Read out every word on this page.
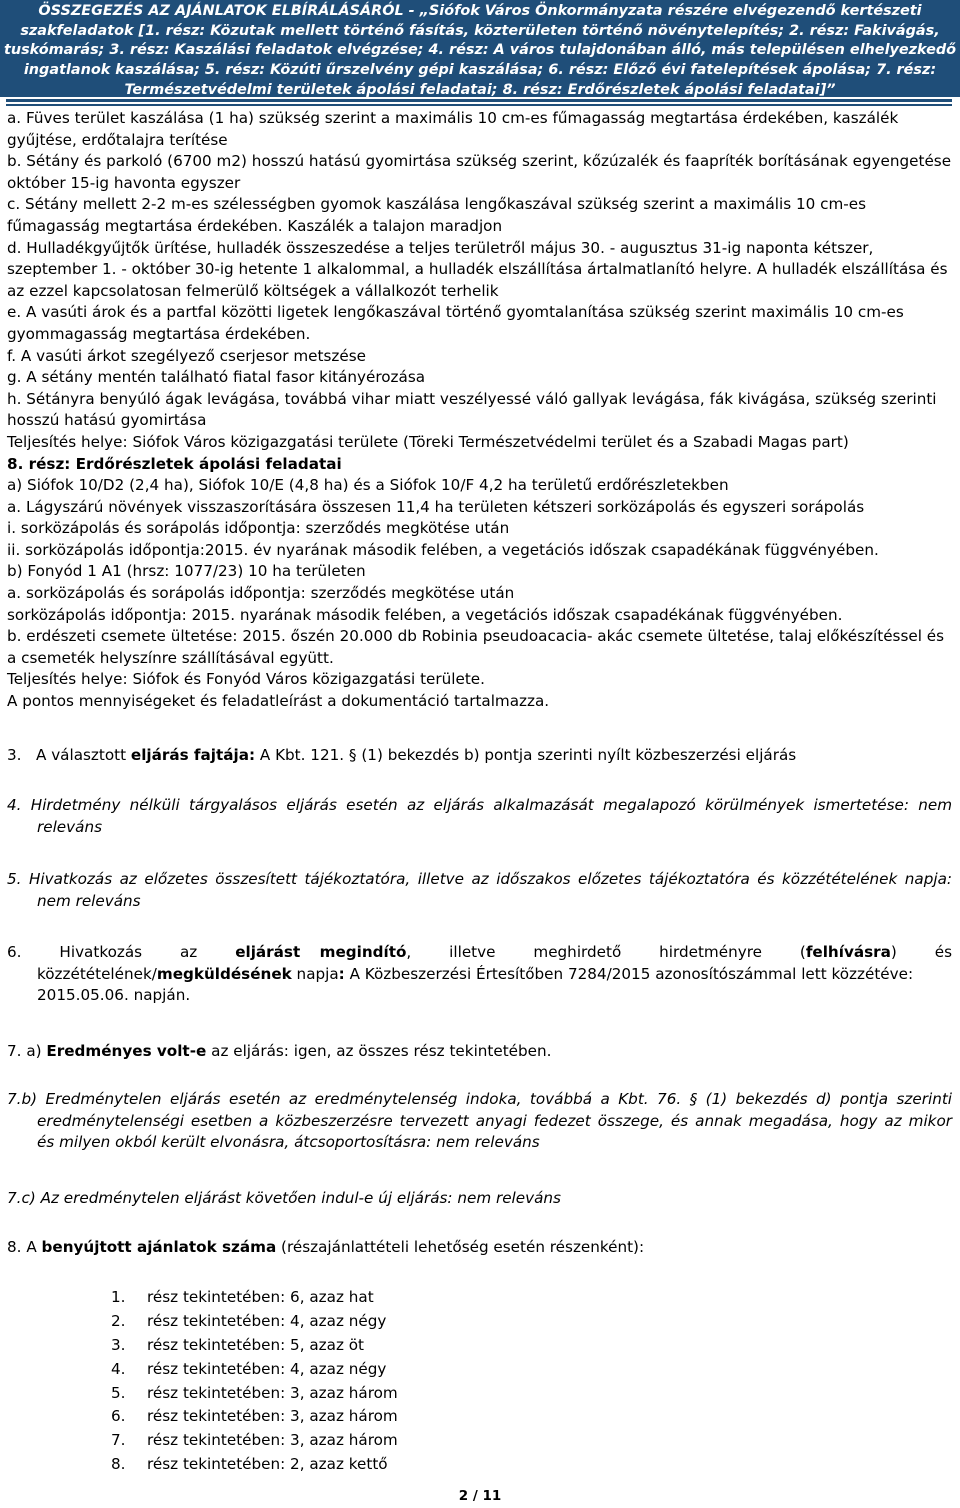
ÖSSZEGEZÉS AZ AJÁNLATOK ELBÍRÁLÁSÁRÓL - „Siófok Város Önkormányzata részére elvégezendő kertészeti
szakfeladatok [1. rész: Közutak mellett történő fásítás, közterületen történő növénytelepítés; 2. rész: Fakivágás,
tuskómarás; 3. rész: Kaszálási feladatok elvégzése; 4. rész: A város tulajdonában álló, más településen elhelyezkedő
ingatlanok kaszálása; 5. rész: Közúti űrszelvény gépi kaszálása; 6. rész: Előző évi fatelepítések ápolása; 7. rész:
Természetvédelmi területek ápolási feladatai; 8. rész: Erdőrészletek ápolási feladatai]”

a. Füves terület kaszálása (1 ha) szükség szerint a maximális 10 cm-es fűmagasság megtartása érdekében, kaszálék gyűjtése, erdőtalajra terítése

b. Sétány és parkoló (6700 m2) hosszú hatású gyomirtása szükség szerint, kőzúzalék és faapríték borításának egyengetése október 15-ig havonta egyszer

c. Sétány mellett 2-2 m-es szélességben gyomok kaszálása lengőkaszával szükség szerint a maximális 10 cm-es fűmagasság megtartása érdekében. Kaszálék a talajon maradjon

d. Hulladékgyűjtők ürítése, hulladék összeszedése a teljes területről május 30. - augusztus 31-ig naponta kétszer, szeptember 1. - október 30-ig hetente 1 alkalommal, a hulladék elszállítása ártalmatlanító helyre. A hulladék elszállítása és az ezzel kapcsolatosan felmerülő költségek a vállalkozót terhelik

e. A vasúti árok és a partfal közötti ligetek lengőkaszával történő gyomtalanítása szükség szerint maximális 10 cm-es gyommagasság megtartása érdekében.

f. A vasúti árkot szegélyező cserjesor metszése

g. A sétány mentén található fiatal fasor kitányérozása

h. Sétányra benyúló ágak levágása, továbbá vihar miatt veszélyessé váló gallyak levágása, fák kivágása, szükség szerinti hosszú hatású gyomirtása

Teljesítés helye: Siófok Város közigazgatási területe (Töreki Természetvédelmi terület és a Szabadi Magas part)

8. rész: Erdőrészletek ápolási feladatai

a) Siófok 10/D2 (2,4 ha), Siófok 10/E (4,8 ha) és a Siófok 10/F 4,2 ha területű erdőrészletekben

a. Lágyszárú növények visszaszorítására összesen 11,4 ha területen kétszeri sorközápolás és egyszeri sorápolás

i. sorközápolás és sorápolás időpontja: szerződés megkötése után

ii. sorközápolás időpontja:2015. év nyarának második felében, a vegetációs időszak csapadékának függvényében.

b) Fonyód 1 A1 (hrsz: 1077/23) 10 ha területen

a. sorközápolás és sorápolás időpontja: szerződés megkötése után

sorközápolás időpontja: 2015. nyarának második felében, a vegetációs időszak csapadékának függvényében.

b. erdészeti csemete ültetése: 2015. őszén 20.000 db Robinia pseudoacacia- akác csemete ültetése, talaj előkészítéssel és a csemeték helyszínre szállításával együtt.

Teljesítés helye: Siófok és Fonyód Város közigazgatási területe.

A pontos mennyiségeket és feladatleírást a dokumentáció tartalmazza.

3.   A választott eljárás fajtája: A Kbt. 121. § (1) bekezdés b) pontja szerinti nyílt közbeszerzési eljárás

4. Hirdetmény nélküli tárgyalásos eljárás esetén az eljárás alkalmazását megalapozó körülmények ismertetése: nem

releváns

5. Hivatkozás az előzetes összesített tájékoztatóra, illetve az időszakos előzetes tájékoztatóra és közzétételének napja:

nem releváns

6.  Hivatkozás  az  eljárást megindító,  illetve  meghirdető  hirdetményre  (felhívásra)  és

közzétételének/megküldésének napja: A Közbeszerzési Értesítőben 7284/2015 azonosítószámmal lett közzétéve:

2015.05.06. napján.

7. a) Eredményes volt-e az eljárás: igen, az összes rész tekintetében.

7.b) Eredménytelen eljárás esetén az eredménytelenség indoka, továbbá a Kbt. 76. § (1) bekezdés d) pontja szerinti

eredménytelenségi esetben a közbeszerzésre tervezett anyagi fedezet összege, és annak megadása, hogy az mikor

és milyen okból került elvonásra, átcsoportosításra: nem releváns

7.c) Az eredménytelen eljárást követően indul-e új eljárás: nem releváns

8. A benyújtott ajánlatok száma (részajánlattételi lehetőség esetén részenként):

1. rész tekintetében: 6, azaz hat
2. rész tekintetében: 4, azaz négy
3. rész tekintetében: 5, azaz öt
4. rész tekintetében: 4, azaz négy
5. rész tekintetében: 3, azaz három
6. rész tekintetében: 3, azaz három
7. rész tekintetében: 3, azaz három
8. rész tekintetében: 2, azaz kettő
2 / 11
